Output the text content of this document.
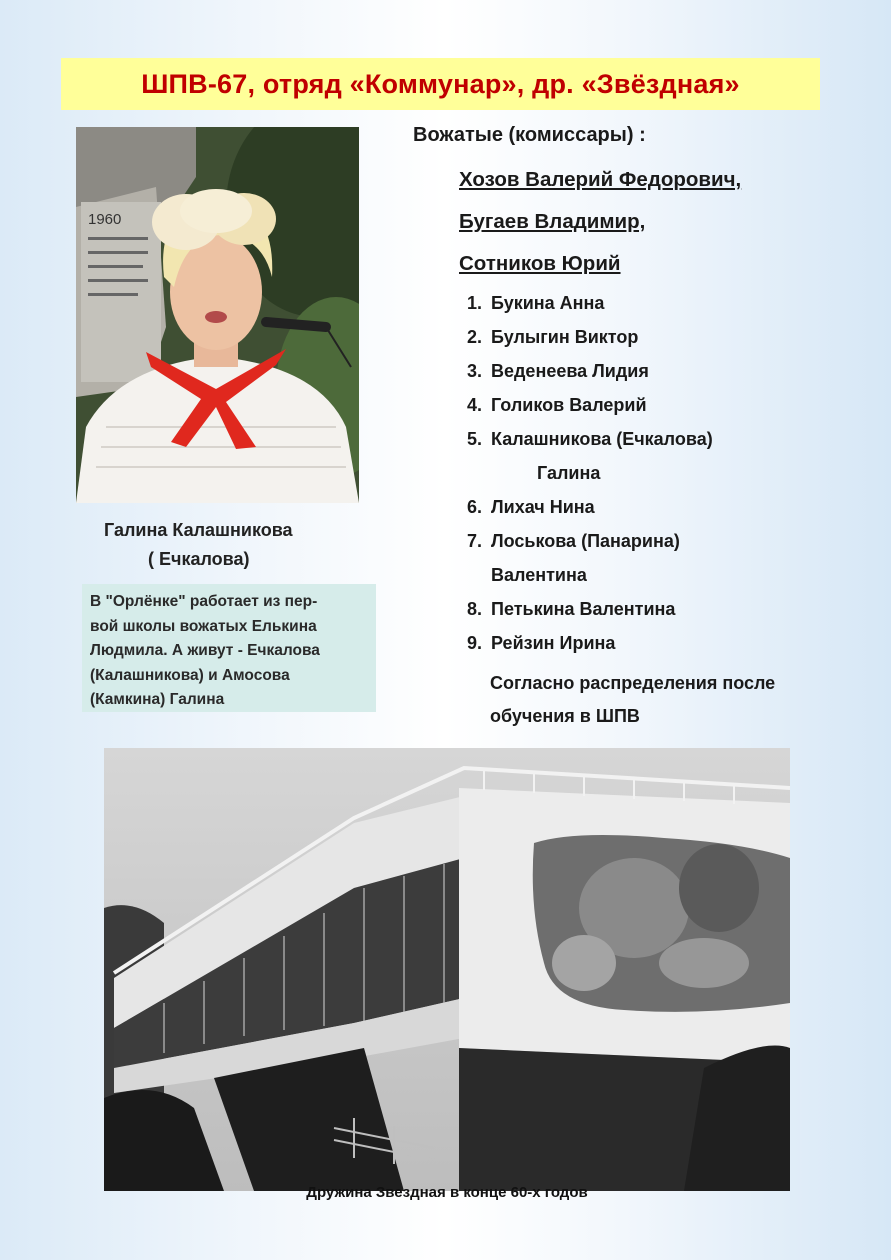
ШПВ-67, отряд «Коммунар», др. «Звёздная»
1960
Галина Калашникова
( Ечкалова)
В "Орлёнке" работает из пер-
вой школы вожатых Елькина
Людмила. А живут - Ечкалова
(Калашникова) и Амосова
(Камкина) Галина
Вожатые (комиссары) :
Хозов Валерий Федорович,
Бугаев Владимир,
Сотников Юрий
1. Букина Анна
2. Булыгин Виктор
3. Веденеева Лидия
4. Голиков Валерий
5. Калашникова (Ечкалова)
Галина
6. Лихач Нина
7. Лоськова (Панарина)
Валентина
8. Петькина Валентина
9. Рейзин Ирина
Согласно распределения после
обучения в ШПВ
Дружина Звездная в конце 60-х годов
